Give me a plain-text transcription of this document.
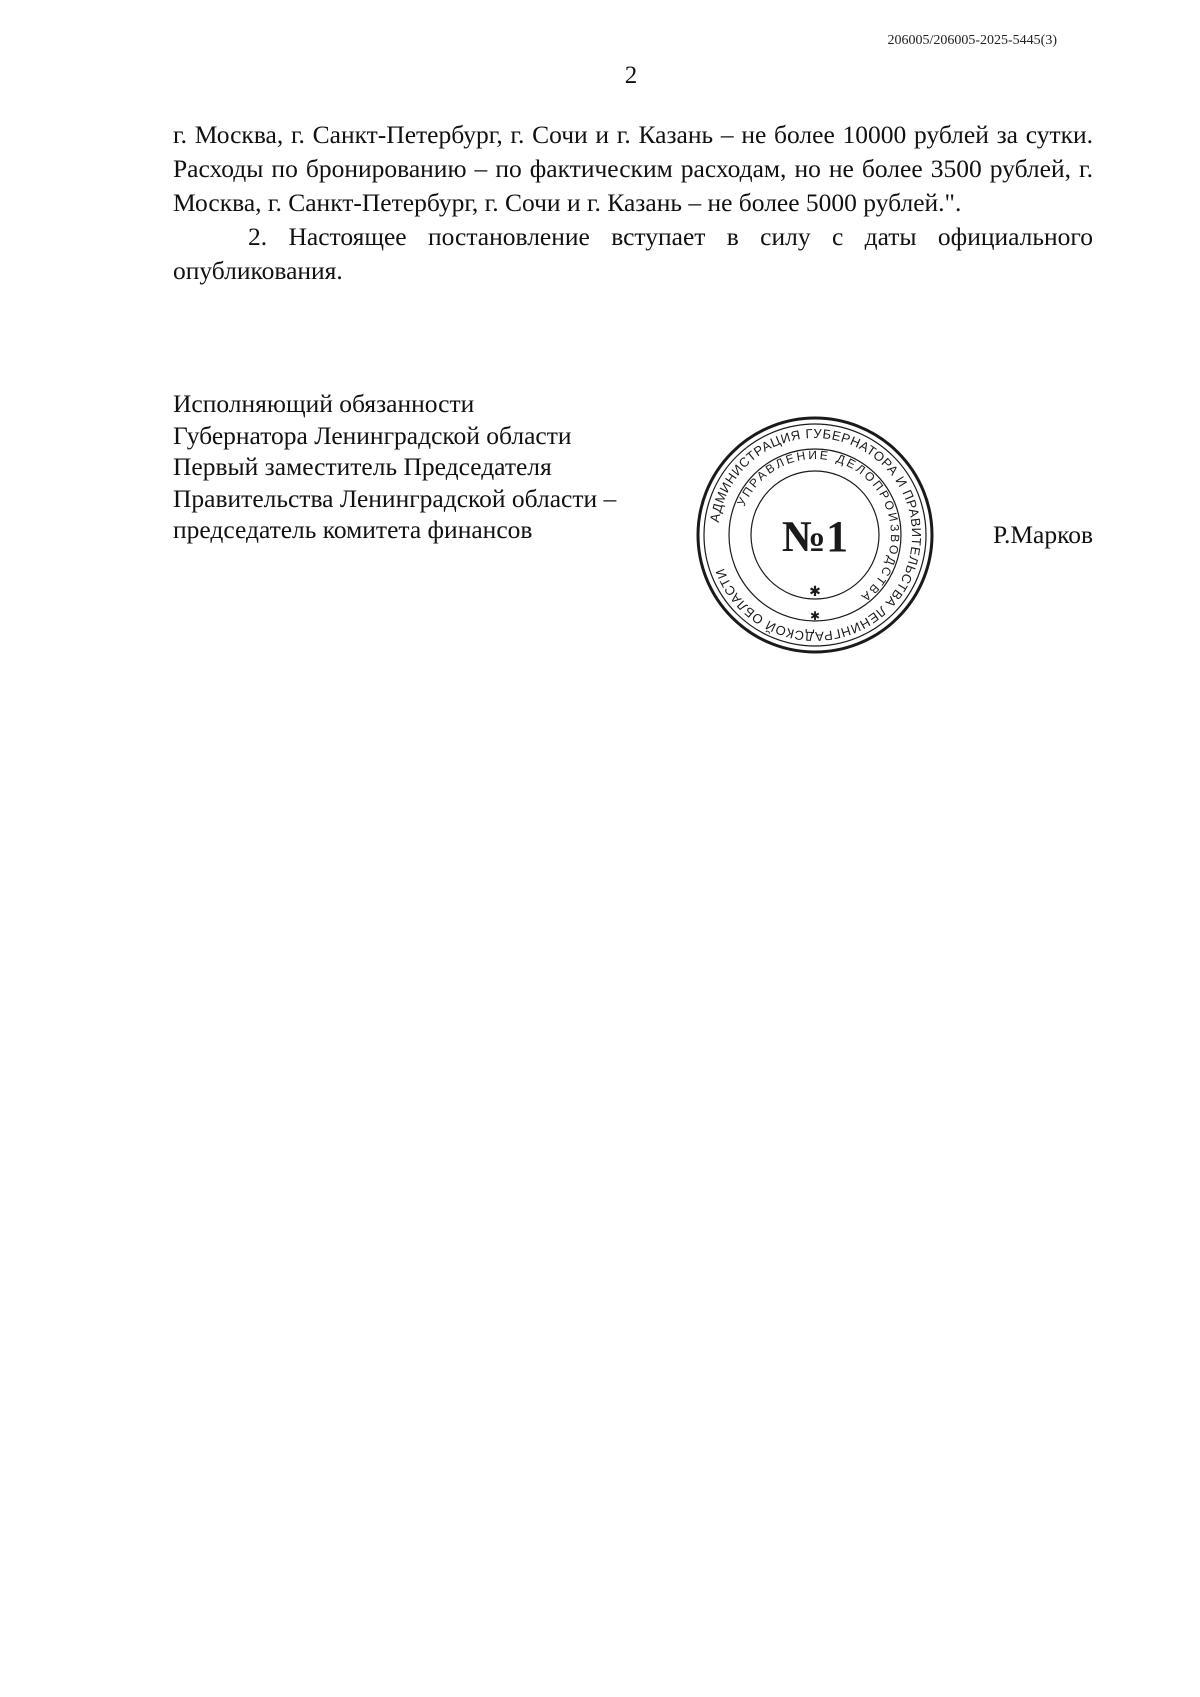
206005/206005-2025-5445(3)
2

г. Москва, г. Санкт-Петербург, г. Сочи и г. Казань – не более 10000 рублей за сутки. Расходы по бронированию – по фактическим расходам, но не более 3500 рублей, г. Москва, г. Санкт-Петербург, г. Сочи и г. Казань – не более 5000 рублей.".

2. Настоящее постановление вступает в силу с даты официального опубликования.

Исполняющий обязанности
Губернатора Ленинградской области
Первый заместитель Председателя
Правительства Ленинградской области –
председатель комитета финансов	АДМИНИСТРАЦИЯ ГУБЕРНАТОРА И ПРАВИТЕЛЬСТВА ЛЕНИНГРАДСКОЙ ОБЛАСТИ
УПРАВЛЕНИЕ ДЕЛОПРОИЗВОДСТВА
№1
✱
✱
Р.Марков
